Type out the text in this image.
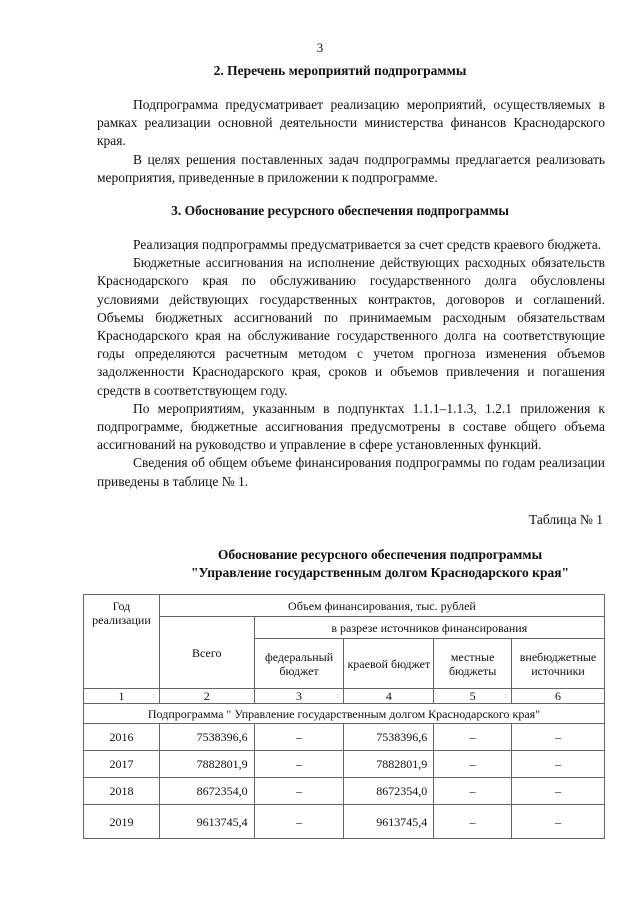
3
2. Перечень мероприятий подпрограммы

Подпрограмма предусматривает реализацию мероприятий, осуществляемых в рамках реализации основной деятельности министерства финансов Краснодарского края.

В целях решения поставленных задач подпрограммы предлагается реализовать мероприятия, приведенные в приложении к подпрограмме.

3. Обоснование ресурсного обеспечения подпрограммы

Реализация подпрограммы предусматривается за счет средств краевого бюджета.

Бюджетные ассигнования на исполнение действующих расходных обязательств Краснодарского края по обслуживанию государственного долга обусловлены условиями действующих государственных контрактов, договоров и соглашений. Объемы бюджетных ассигнований по принимаемым расходным обязательствам Краснодарского края на обслуживание государственного долга на соответствующие годы определяются расчетным методом с учетом прогноза изменения объемов задолженности Краснодарского края, сроков и объемов привлечения и погашения средств в соответствующем году.

По мероприятиям, указанным в подпунктах 1.1.1–1.1.3, 1.2.1 приложения к подпрограмме, бюджетные ассигнования предусмотрены в составе общего объема ассигнований на руководство и управление в сфере установленных функций.

Сведения об общем объеме финансирования подпрограммы по годам реализации приведены в таблице № 1.

Таблица № 1
Обоснование ресурсного обеспечения подпрограммы
"Управление государственным долгом Краснодарского края"
Год реализации	Объем финансирования, тыс. рублей				
	Всего	в разрезе источников финансирования			
		федеральный бюджет	краевой бюджет	местные бюджеты	внебюджетные источники
1	2	3	4	5	6
Подпрограмма " Управление государственным долгом Краснодарского края"					
2016	7538396,6	–	7538396,6	–	–
2017	7882801,9	–	7882801,9	–	–
2018	8672354,0	–	8672354,0	–	–
2019	9613745,4	–	9613745,4	–	–
